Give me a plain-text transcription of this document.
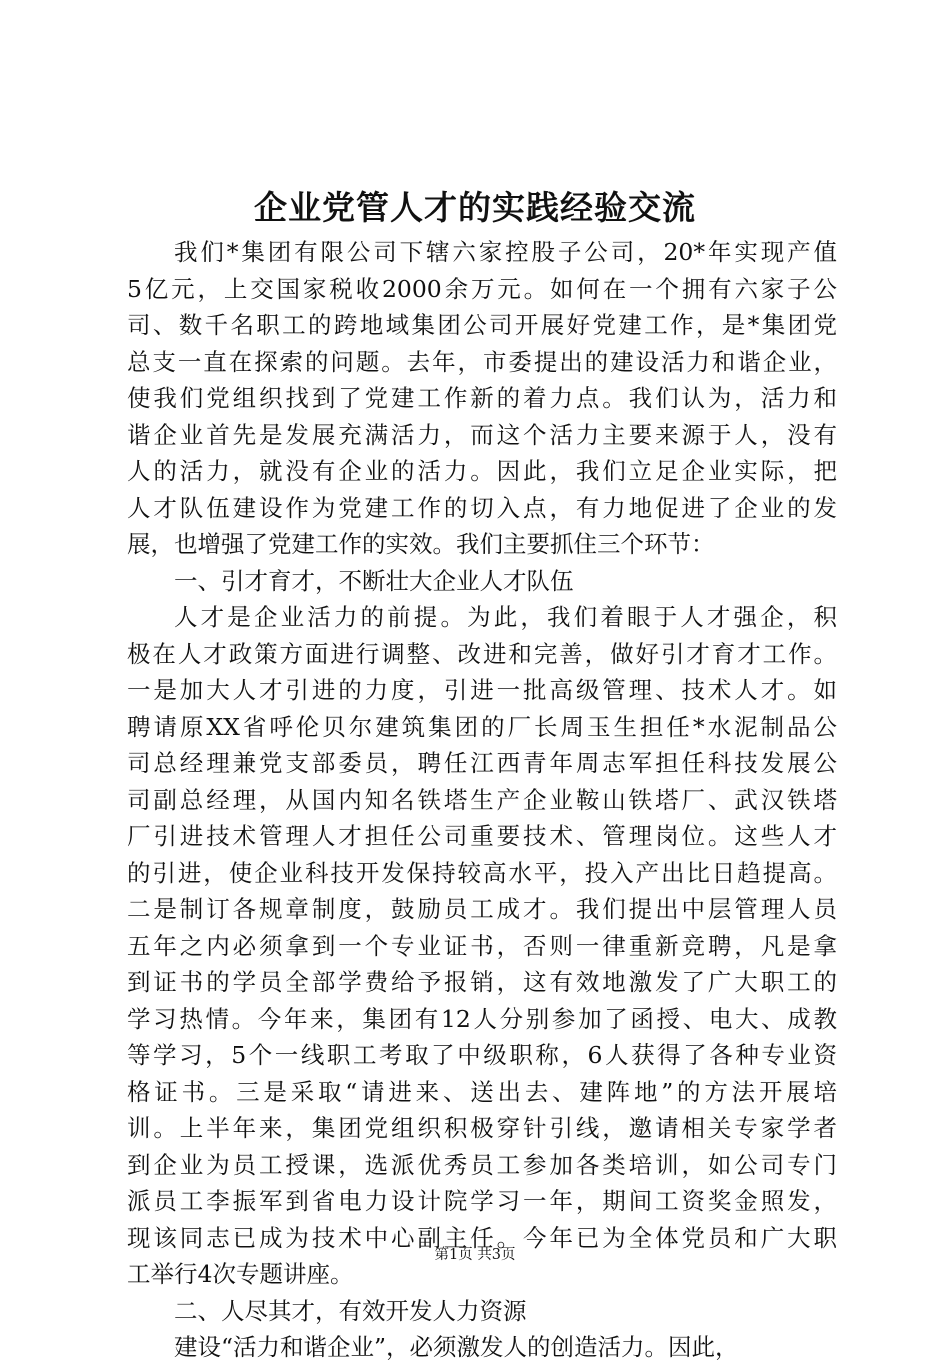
企业党管人才的实践经验交流
我们*集团有限公司下辖六家控股子公司，20*年实现产值
5亿元，上交国家税收2000余万元。如何在一个拥有六家子公
司、数千名职工的跨地域集团公司开展好党建工作，是*集团党
总支一直在探索的问题。去年，市委提出的建设活力和谐企业，
使我们党组织找到了党建工作新的着力点。我们认为，活力和
谐企业首先是发展充满活力，而这个活力主要来源于人，没有
人的活力，就没有企业的活力。因此，我们立足企业实际，把
人才队伍建设作为党建工作的切入点，有力地促进了企业的发
展，也增强了党建工作的实效。我们主要抓住三个环节：
一、引才育才，不断壮大企业人才队伍
人才是企业活力的前提。为此，我们着眼于人才强企，积
极在人才政策方面进行调整、改进和完善，做好引才育才工作。
一是加大人才引进的力度，引进一批高级管理、技术人才。如
聘请原XX省呼伦贝尔建筑集团的厂长周玉生担任*水泥制品公
司总经理兼党支部委员，聘任江西青年周志军担任科技发展公
司副总经理，从国内知名铁塔生产企业鞍山铁塔厂、武汉铁塔
厂引进技术管理人才担任公司重要技术、管理岗位。这些人才
的引进，使企业科技开发保持较高水平，投入产出比日趋提高。
二是制订各规章制度，鼓励员工成才。我们提出中层管理人员
五年之内必须拿到一个专业证书，否则一律重新竞聘，凡是拿
到证书的学员全部学费给予报销，这有效地激发了广大职工的
学习热情。今年来，集团有12人分别参加了函授、电大、成教
等学习，5个一线职工考取了中级职称，6人获得了各种专业资
格证书。三是采取“请进来、送出去、建阵地”的方法开展培
训。上半年来，集团党组织积极穿针引线，邀请相关专家学者
到企业为员工授课，选派优秀员工参加各类培训，如公司专门
派员工李振军到省电力设计院学习一年，期间工资奖金照发，
现该同志已成为技术中心副主任。今年已为全体党员和广大职
工举行4次专题讲座。
二、人尽其才，有效开发人力资源
建设“活力和谐企业”，必须激发人的创造活力。因此，
第1页 共3页
